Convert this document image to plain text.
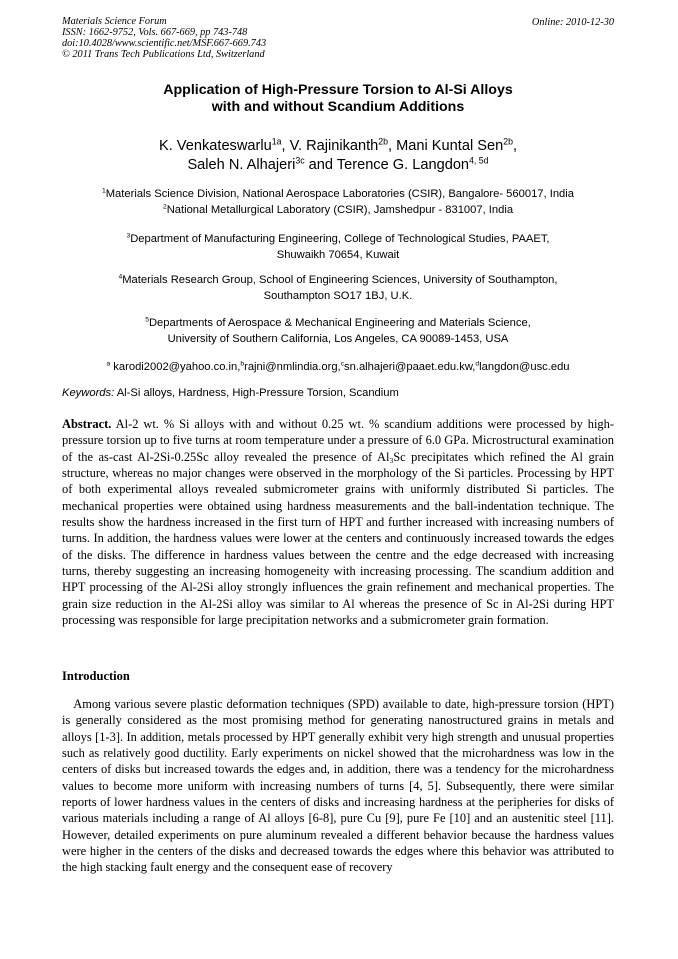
Materials Science Forum
ISSN: 1662-9752, Vols. 667-669, pp 743-748
doi:10.4028/www.scientific.net/MSF.667-669.743
© 2011 Trans Tech Publications Ltd, Switzerland
Online: 2010-12-30
Application of High-Pressure Torsion to Al-Si Alloys
with and without Scandium Additions
K. Venkateswarlu$^{1a}$, V. Rajinikanth$^{2b}$, Mani Kuntal Sen$^{2b}$,
Saleh N. Alhajeri$^{3c}$ and Terence G. Langdon$^{4, 5d}$
$^1$Materials Science Division, National Aerospace Laboratories (CSIR), Bangalore- 560017, India
$^2$National Metallurgical Laboratory (CSIR), Jamshedpur - 831007, India
$^3$Department of Manufacturing Engineering, College of Technological Studies, PAAET,
Shuwaikh 70654, Kuwait
$^4$Materials Research Group, School of Engineering Sciences, University of Southampton,
Southampton SO17 1BJ, U.K.
$^5$Departments of Aerospace & Mechanical Engineering and Materials Science,
University of Southern California, Los Angeles, CA 90089-1453, USA
$^a$ karodi2002@yahoo.co.in,$^b$rajni@nmlindia.org,$^c$sn.alhajeri@paaet.edu.kw,$^d$langdon@usc.edu
Keywords: Al-Si alloys, Hardness, High-Pressure Torsion, Scandium
Abstract. Al-2 wt. % Si alloys with and without 0.25 wt. % scandium additions were processed by high-pressure torsion up to five turns at room temperature under a pressure of 6.0 GPa. Microstructural examination of the as-cast Al-2Si-0.25Sc alloy revealed the presence of $Al_3Sc$ precipitates which refined the Al grain structure, whereas no major changes were observed in the morphology of the Si particles. Processing by HPT of both experimental alloys revealed submicrometer grains with uniformly distributed Si particles. The mechanical properties were obtained using hardness measurements and the ball-indentation technique. The results show the hardness increased in the first turn of HPT and further increased with increasing numbers of turns. In addition, the hardness values were lower at the centers and continuously increased towards the edges of the disks. The difference in hardness values between the centre and the edge decreased with increasing turns, thereby suggesting an increasing homogeneity with increasing processing. The scandium addition and HPT processing of the Al-2Si alloy strongly influences the grain refinement and mechanical properties. The grain size reduction in the Al-2Si alloy was similar to Al whereas the presence of Sc in Al-2Si during HPT processing was responsible for large precipitation networks and a submicrometer grain formation.
Introduction
Among various severe plastic deformation techniques (SPD) available to date, high-pressure torsion (HPT) is generally considered as the most promising method for generating nanostructured grains in metals and alloys [1-3]. In addition, metals processed by HPT generally exhibit very high strength and unusual properties such as relatively good ductility. Early experiments on nickel showed that the microhardness was low in the centers of disks but increased towards the edges and, in addition, there was a tendency for the microhardness values to become more uniform with increasing numbers of turns [4, 5]. Subsequently, there were similar reports of lower hardness values in the centers of disks and increasing hardness at the peripheries for disks of various materials including a range of Al alloys [6-8], pure Cu [9], pure Fe [10] and an austenitic steel [11]. However, detailed experiments on pure aluminum revealed a different behavior because the hardness values were higher in the centers of the disks and decreased towards the edges where this behavior was attributed to the high stacking fault energy and the consequent ease of recovery
